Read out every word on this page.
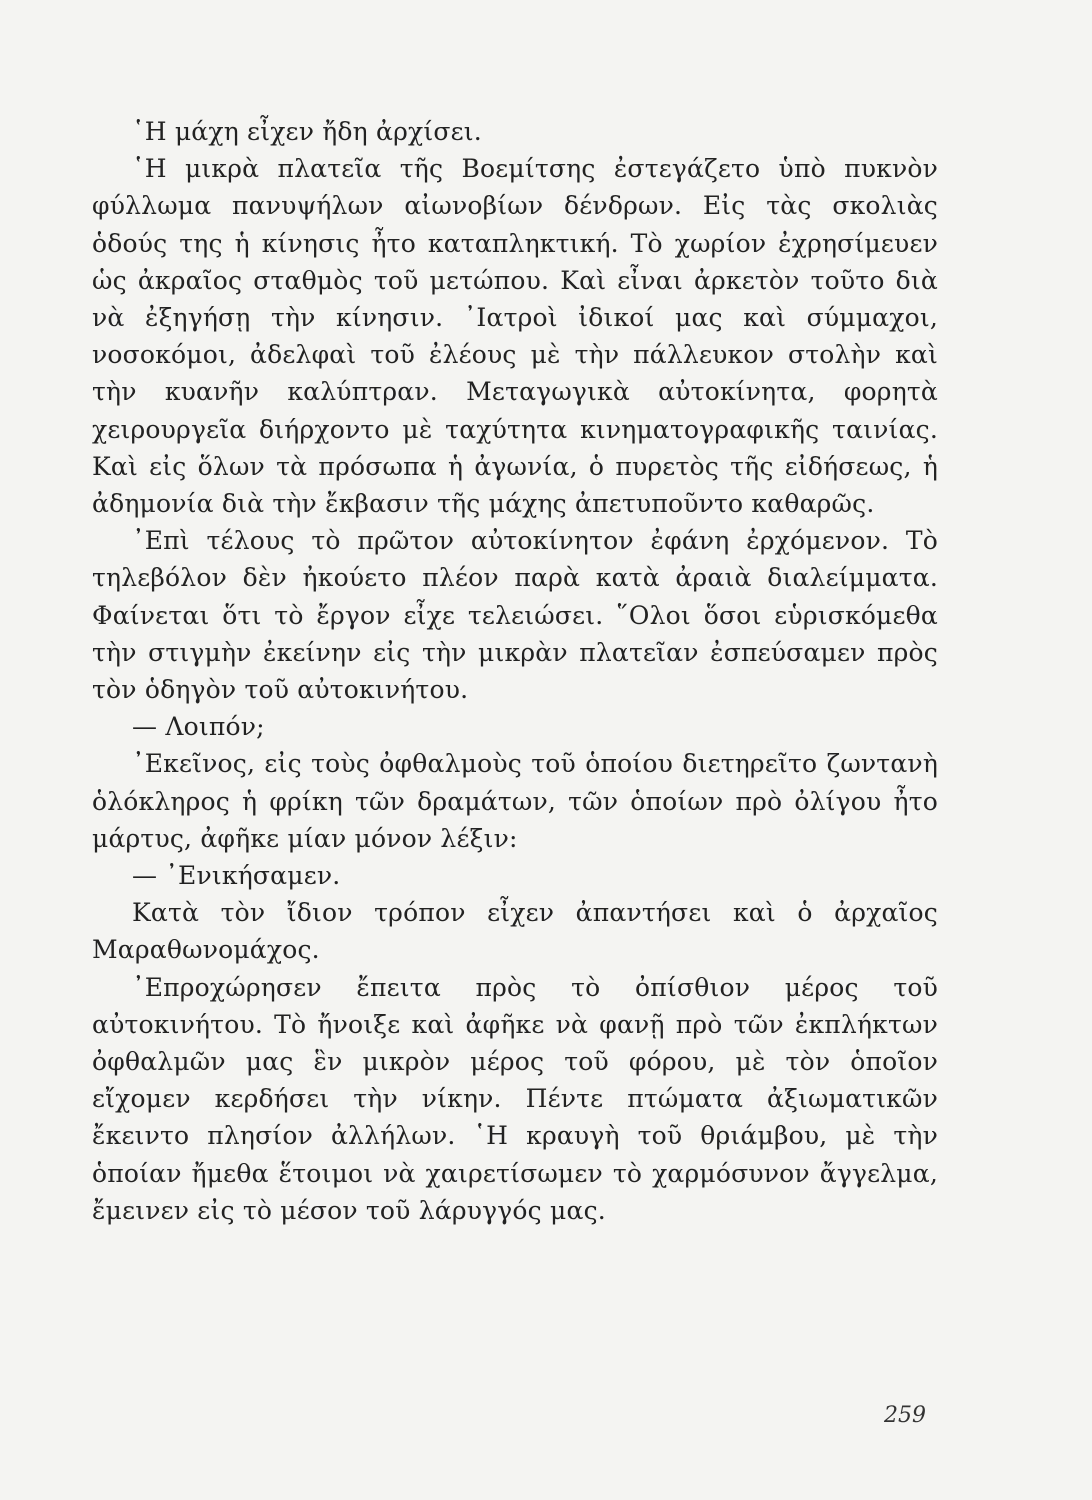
῾Η μάχη εἶχεν ἤδη ἀρχίσει.

῾Η μικρὰ πλατεῖα τῆς Βοεμίτσης ἐστεγάζετο ὑπὸ πυκνὸν φύλλωμα πανυψήλων αἰωνοβίων δένδρων. Εἰς τὰς σκολιὰς ὁδούς της ἡ κίνησις ἦτο καταπληκτική. Τὸ χωρίον ἐχρησίμευεν ὡς ἀκραῖος σταθμὸς τοῦ μετώπου. Καὶ εἶναι ἀρκετὸν τοῦτο διὰ νὰ ἐξηγήσῃ τὴν κίνησιν. ᾿Ιατροὶ ἰδικοί μας καὶ σύμμαχοι, νοσοκόμοι, ἀδελφαὶ τοῦ ἐλέους μὲ τὴν πάλλευκον στολὴν καὶ τὴν κυανῆν καλύπτραν. Μεταγωγικὰ αὐτοκίνητα, φορητὰ χειρουργεῖα διήρχοντο μὲ ταχύτητα κινηματογραφικῆς ταινίας. Καὶ εἰς ὅλων τὰ πρόσωπα ἡ ἀγωνία, ὁ πυρετὸς τῆς εἰδήσεως, ἡ ἀδημονία διὰ τὴν ἔκβασιν τῆς μάχης ἀπετυποῦντο καθαρῶς.

᾿Επὶ τέλους τὸ πρῶτον αὐτοκίνητον ἐφάνη ἐρχόμενον. Τὸ τηλεβόλον δὲν ἠκούετο πλέον παρὰ κατὰ ἀραιὰ διαλείμματα. Φαίνεται ὅτι τὸ ἔργον εἶχε τελειώσει. ῞Ολοι ὅσοι εὑρισκόμεθα τὴν στιγμὴν ἐκείνην εἰς τὴν μικρὰν πλατεῖαν ἐσπεύσαμεν πρὸς τὸν ὁδηγὸν τοῦ αὐτοκινήτου.

— Λοιπόν;

᾿Εκεῖνος, εἰς τοὺς ὀφθαλμοὺς τοῦ ὁποίου διετηρεῖτο ζωντανὴ ὁλόκληρος ἡ φρίκη τῶν δραμάτων, τῶν ὁποίων πρὸ ὀλίγου ἦτο μάρτυς, ἀφῆκε μίαν μόνον λέξιν:

— ᾿Ενικήσαμεν.

Κατὰ τὸν ἴδιον τρόπον εἶχεν ἀπαντήσει καὶ ὁ ἀρχαῖος Μαραθωνομάχος.

᾿Επροχώρησεν ἔπειτα πρὸς τὸ ὀπίσθιον μέρος τοῦ αὐτοκινήτου. Τὸ ἤνοιξε καὶ ἀφῆκε νὰ φανῇ πρὸ τῶν ἐκπλήκτων ὀφθαλμῶν μας ἓν μικρὸν μέρος τοῦ φόρου, μὲ τὸν ὁποῖον εἴχομεν κερδήσει τὴν νίκην. Πέντε πτώματα ἀξιωματικῶν ἔκειντο πλησίον ἀλλήλων. ῾Η κραυγὴ τοῦ θριάμβου, μὲ τὴν ὁποίαν ἤμεθα ἕτοιμοι νὰ χαιρετίσωμεν τὸ χαρμόσυνον ἄγγελμα, ἔμεινεν εἰς τὸ μέσον τοῦ λάρυγγός μας.

259
